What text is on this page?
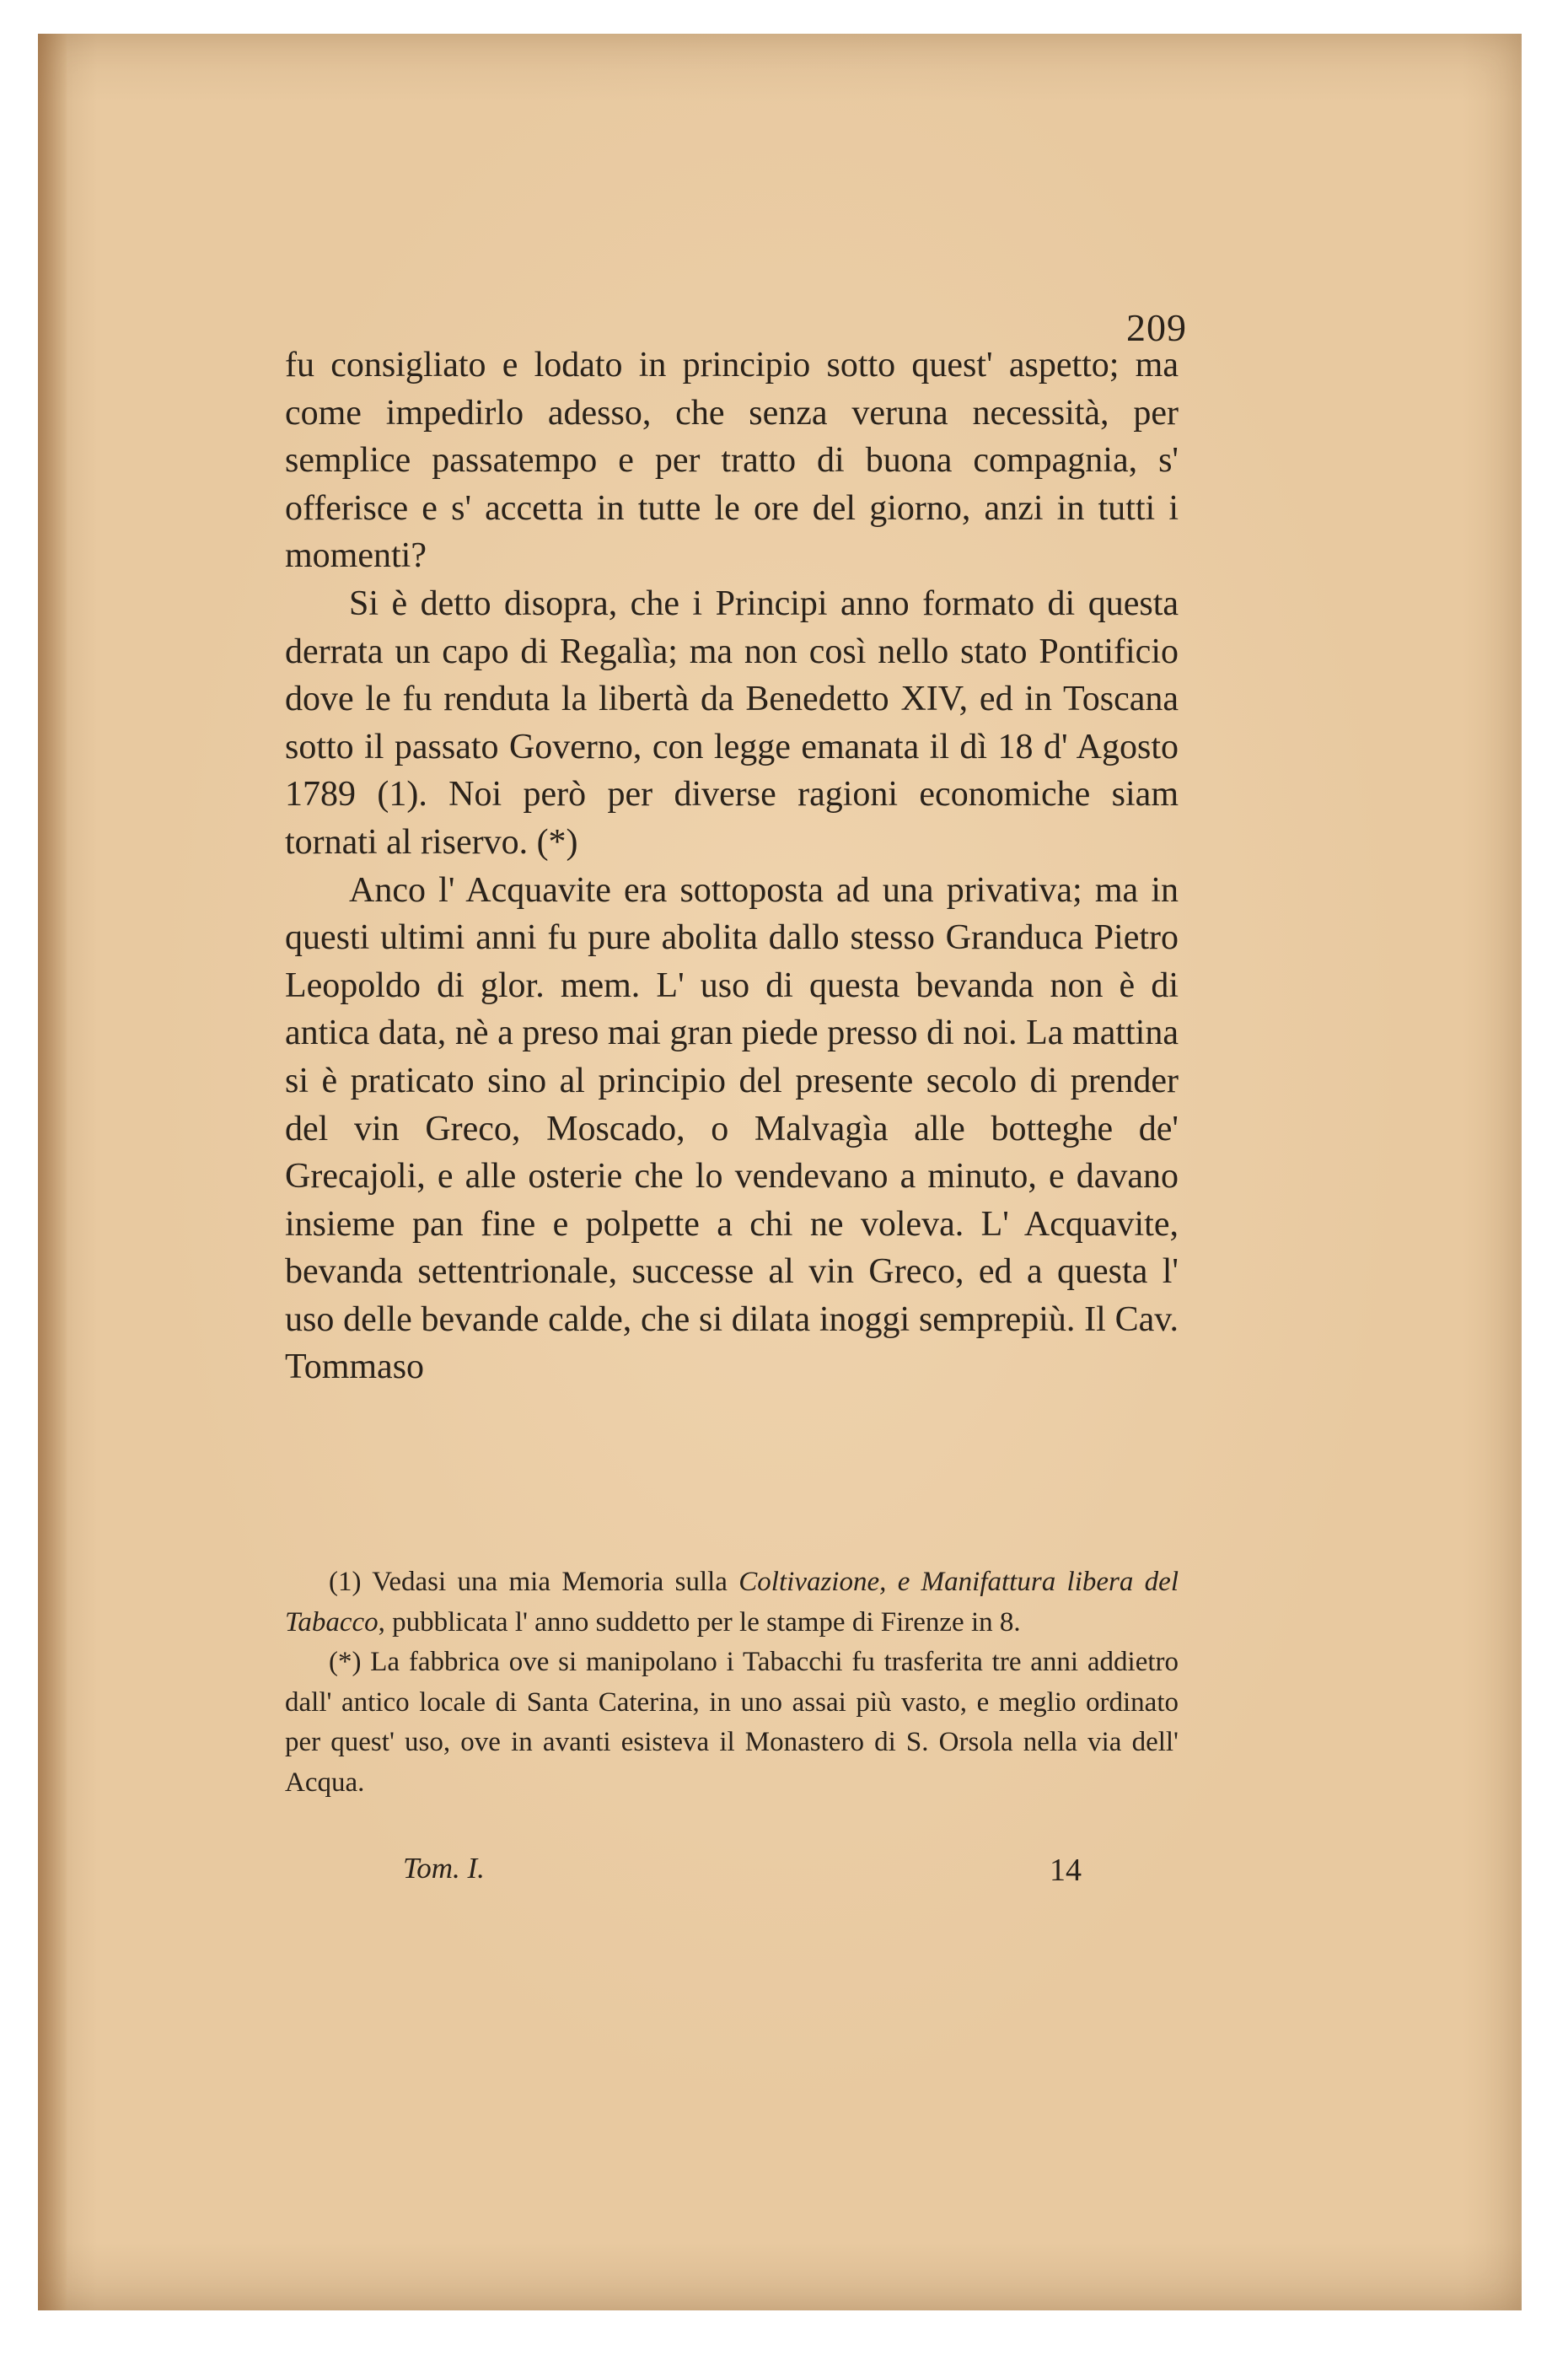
209

fu consigliato e lodato in principio sotto quest' aspetto; ma come impedirlo adesso, che senza veruna necessità, per semplice passatempo e per tratto di buona compagnia, s' offerisce e s' accetta in tutte le ore del giorno, anzi in tutti i momenti?

Si è detto disopra, che i Principi anno formato di questa derrata un capo di Regalìa; ma non così nello stato Pontificio dove le fu renduta la libertà da Benedetto XIV, ed in Toscana sotto il passato Governo, con legge emanata il dì 18 d' Agosto 1789 (1). Noi però per diverse ragioni economiche siam tornati al riservo. (*)

Anco l' Acquavite era sottoposta ad una privativa; ma in questi ultimi anni fu pure abolita dallo stesso Granduca Pietro Leopoldo di glor. mem. L' uso di questa bevanda non è di antica data, nè a preso mai gran piede presso di noi. La mattina si è praticato sino al principio del presente secolo di prender del vin Greco, Moscado, o Malvagìa alle botteghe de' Grecajoli, e alle osterie che lo vendevano a minuto, e davano insieme pan fine e polpette a chi ne voleva. L' Acquavite, bevanda settentrionale, successe al vin Greco, ed a questa l' uso delle bevande calde, che si dilata inoggi semprepiù. Il Cav. Tommaso

(1) Vedasi una mia Memoria sulla Coltivazione, e Manifattura libera del Tabacco, pubblicata l' anno suddetto per le stampe di Firenze in 8.

(*) La fabbrica ove si manipolano i Tabacchi fu trasferita tre anni addietro dall' antico locale di Santa Caterina, in uno assai più vasto, e meglio ordinato per quest' uso, ove in avanti esisteva il Monastero di S. Orsola nella via dell' Acqua.

Tom. I.	14
